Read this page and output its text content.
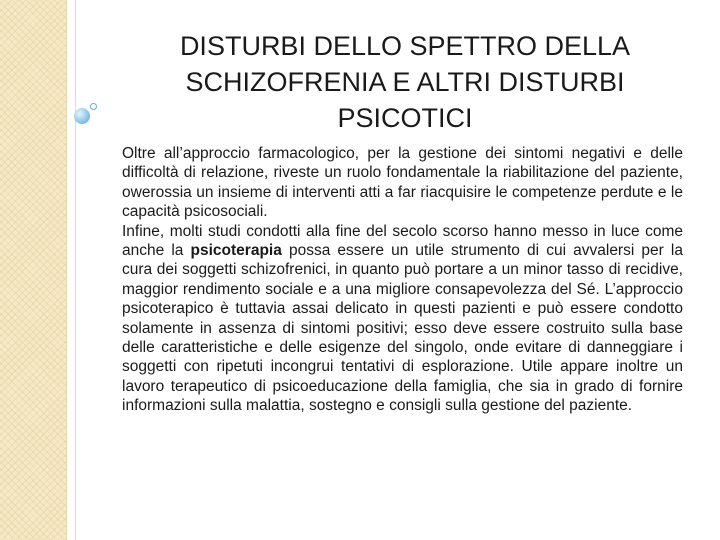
DISTURBI DELLO SPETTRO DELLA SCHIZOFRENIA E ALTRI DISTURBI PSICOTICI

Oltre all’approccio farmacologico, per la gestione dei sintomi negativi e delle difficoltà di relazione, riveste un ruolo fondamentale la riabilitazione del paziente, owerossia un insieme di interventi atti a far riacquisire le competenze perdute e le capacità psicosociali.

Infine, molti studi condotti alla fine del secolo scorso hanno messo in luce come anche la psicoterapia possa essere un utile strumento di cui avvalersi per la cura dei soggetti schizofrenici, in quanto può portare a un minor tasso di recidive, maggior rendimento sociale e a una migliore consapevolezza del Sé. L’approccio psicoterapico è tuttavia assai delicato in questi pazienti e può essere condotto solamente in assenza di sintomi positivi; esso deve essere costruito sulla base delle caratteristiche e delle esigenze del singolo, onde evitare di danneggiare i soggetti con ripetuti incongrui tentativi di esplorazione. Utile appare inoltre un lavoro terapeutico di psicoeducazione della famiglia, che sia in grado di fornire informazioni sulla malattia, sostegno e consigli sulla gestione del paziente.
